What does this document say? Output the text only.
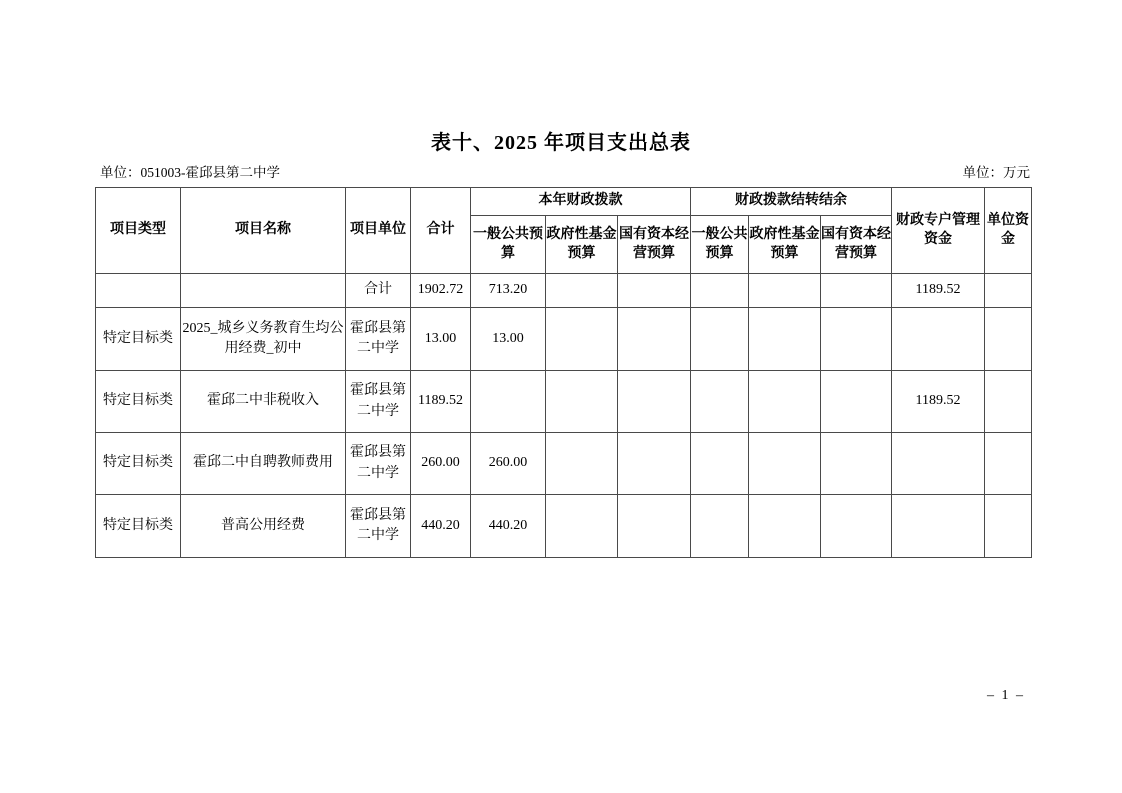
表十、2025 年项目支出总表
单位：051003-霍邱县第二中学	单位：万元
项目类型	项目名称	项目单位	合计	本年财政拨款			财政拨款结转结余			财政专户管理资金	单位资金
				一般公共预算	政府性基金预算	国有资本经营预算	一般公共预算	政府性基金预算	国有资本经营预算		
		合计	1902.72	713.20						1189.52	
特定目标类	2025_城乡义务教育生均公用经费_初中	霍邱县第二中学	13.00	13.00							
特定目标类	霍邱二中非税收入	霍邱县第二中学	1189.52							1189.52	
特定目标类	霍邱二中自聘教师费用	霍邱县第二中学	260.00	260.00							
特定目标类	普高公用经费	霍邱县第二中学	440.20	440.20							
– 1 –
